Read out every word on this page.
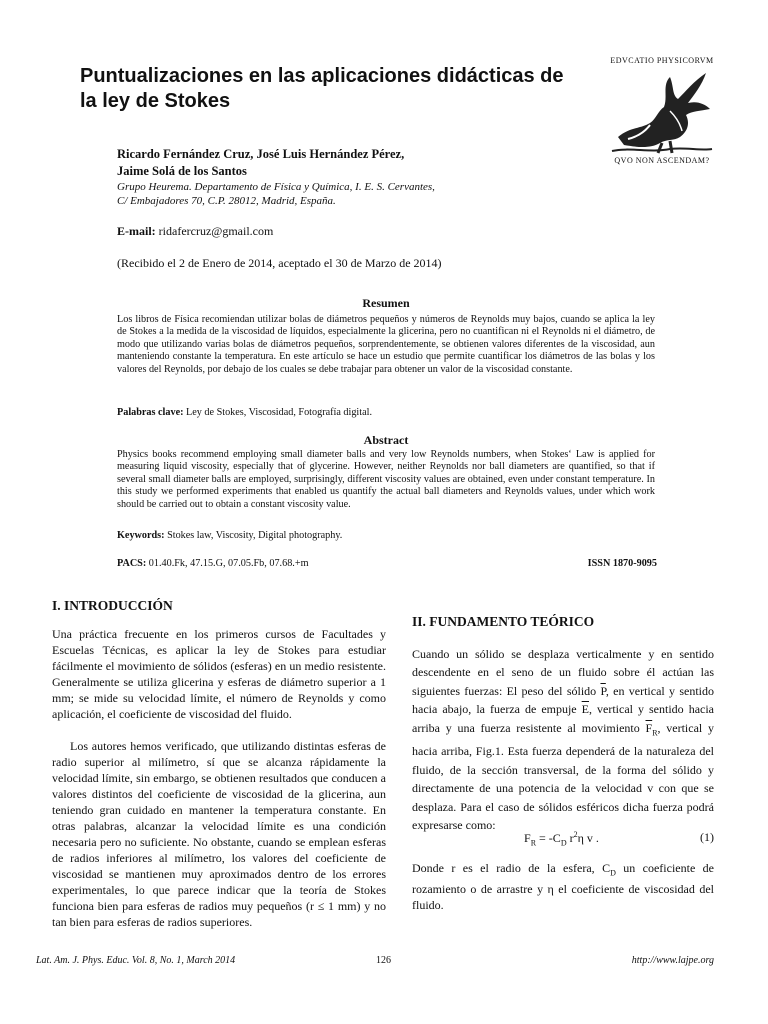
Puntualizaciones en las aplicaciones didácticas de la ley de Stokes
EDVCATIO PHYSICORVM
QVO NON ASCENDAM?
Ricardo Fernández Cruz, José Luis Hernández Pérez,
Jaime Solá de los Santos
Grupo Heurema. Departamento de Física y Química, I. E. S. Cervantes,
C/ Embajadores 70, C.P. 28012, Madrid, España.
E-mail: ridafercruz@gmail.com
(Recibido el 2 de Enero de 2014, aceptado el 30 de Marzo de 2014)
Resumen

Los libros de Física recomiendan utilizar bolas de diámetros pequeños y números de Reynolds muy bajos, cuando se aplica la ley de Stokes a la medida de la viscosidad de líquidos, especialmente la glicerina, pero no cuantifican ni el Reynolds ni el diámetro, de modo que utilizando varias bolas de diámetros pequeños, sorprendentemente, se obtienen valores diferentes de la viscosidad, aun manteniendo constante la temperatura. En este artículo se hace un estudio que permite cuantificar los diámetros de las bolas y los valores del Reynolds, por debajo de los cuales se debe trabajar para obtener un valor de la viscosidad constante.

Palabras clave: Ley de Stokes, Viscosidad, Fotografía digital.
Abstract

Physics books recommend employing small diameter balls and very low Reynolds numbers, when Stokes‘ Law is applied for measuring liquid viscosity, especially that of glycerine. However, neither Reynolds nor ball diameters are quantified, so that if several small diameter balls are employed, surprisingly, different viscosity values are obtained, even under constant temperature. In this study we performed experiments that enabled us quantify the actual ball diameters and Reynolds values, under which work should be carried out to obtain a constant viscosity value.

Keywords: Stokes law, Viscosity, Digital photography.
PACS: 01.40.Fk, 47.15.G, 07.05.Fb, 07.68.+m	ISSN 1870-9095
I. INTRODUCCIÓN

Una práctica frecuente en los primeros cursos de Facultades y Escuelas Técnicas, es aplicar la ley de Stokes para estudiar fácilmente el movimiento de sólidos (esferas) en un medio resistente. Generalmente se utiliza glicerina y esferas de diámetro superior a 1 mm; se mide su velocidad límite, el número de Reynolds y como aplicación, el coeficiente de viscosidad del fluido.

Los autores hemos verificado, que utilizando distintas esferas de radio superior al milímetro, sí que se alcanza rápidamente la velocidad límite, sin embargo, se obtienen resultados que conducen a valores distintos del coeficiente de viscosidad de la glicerina, aun teniendo gran cuidado en mantener la temperatura constante. En otras palabras, alcanzar la velocidad límite es una condición necesaria pero no suficiente. No obstante, cuando se emplean esferas de radios inferiores al milímetro, los valores del coeficiente de viscosidad se mantienen muy aproximados dentro de los errores experimentales, lo que parece indicar que la teoría de Stokes funciona bien para esferas de radios muy pequeños (r ≤ 1 mm) y no tan bien para esferas de radios superiores.

II. FUNDAMENTO TEÓRICO

Cuando un sólido se desplaza verticalmente y en sentido descendente en el seno de un fluido sobre él actúan las siguientes fuerzas: El peso del sólido $\overline{P}$, en vertical y sentido hacia abajo, la fuerza de empuje $\overline{E}$, vertical y sentido hacia arriba y una fuerza resistente al movimiento $\overline{F}_R$, vertical y hacia arriba, Fig.1. Esta fuerza dependerá de la naturaleza del fluido, de la sección transversal, de la forma del sólido y directamente de una potencia de la velocidad v con que se desplaza. Para el caso de sólidos esféricos dicha fuerza podrá expresarse como:

$F_R = -C_D$ $r^2\eta$ v .	(1)

Donde r es el radio de la esfera, $C_D$ un coeficiente de rozamiento o de arrastre y η el coeficiente de viscosidad del fluido.

Lat. Am. J. Phys. Educ. Vol. 8, No. 1, March 2014	126	http://www.lajpe.org
